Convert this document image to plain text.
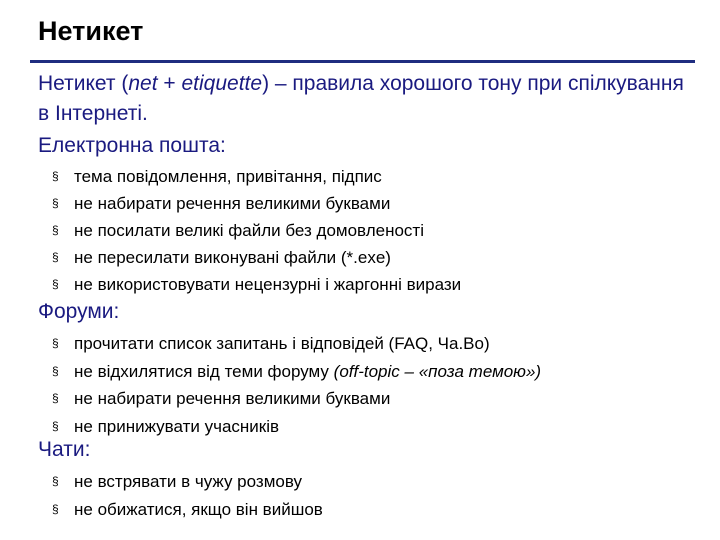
Нетикет
Нетикет (net + etiquette) – правила хорошого тону при спілкування в Інтернеті.
Електронна пошта:
§ тема повідомлення, привітання, підпис
§ не набирати речення великими буквами
§ не посилати великі файли без домовленості
§ не пересилати виконувані файли (*.exe)
§ не використовувати нецензурні і жаргонні вирази
Форуми:
§ прочитати список запитань і відповідей (FAQ, Ча.Во)
§ не відхилятися від теми форуму (off-topic – «поза темою»)
§ не набирати речення великими буквами
§ не принижувати учасників
Чати:
§ не встрявати в чужу розмову
§ не обижатися, якщо він вийшов
